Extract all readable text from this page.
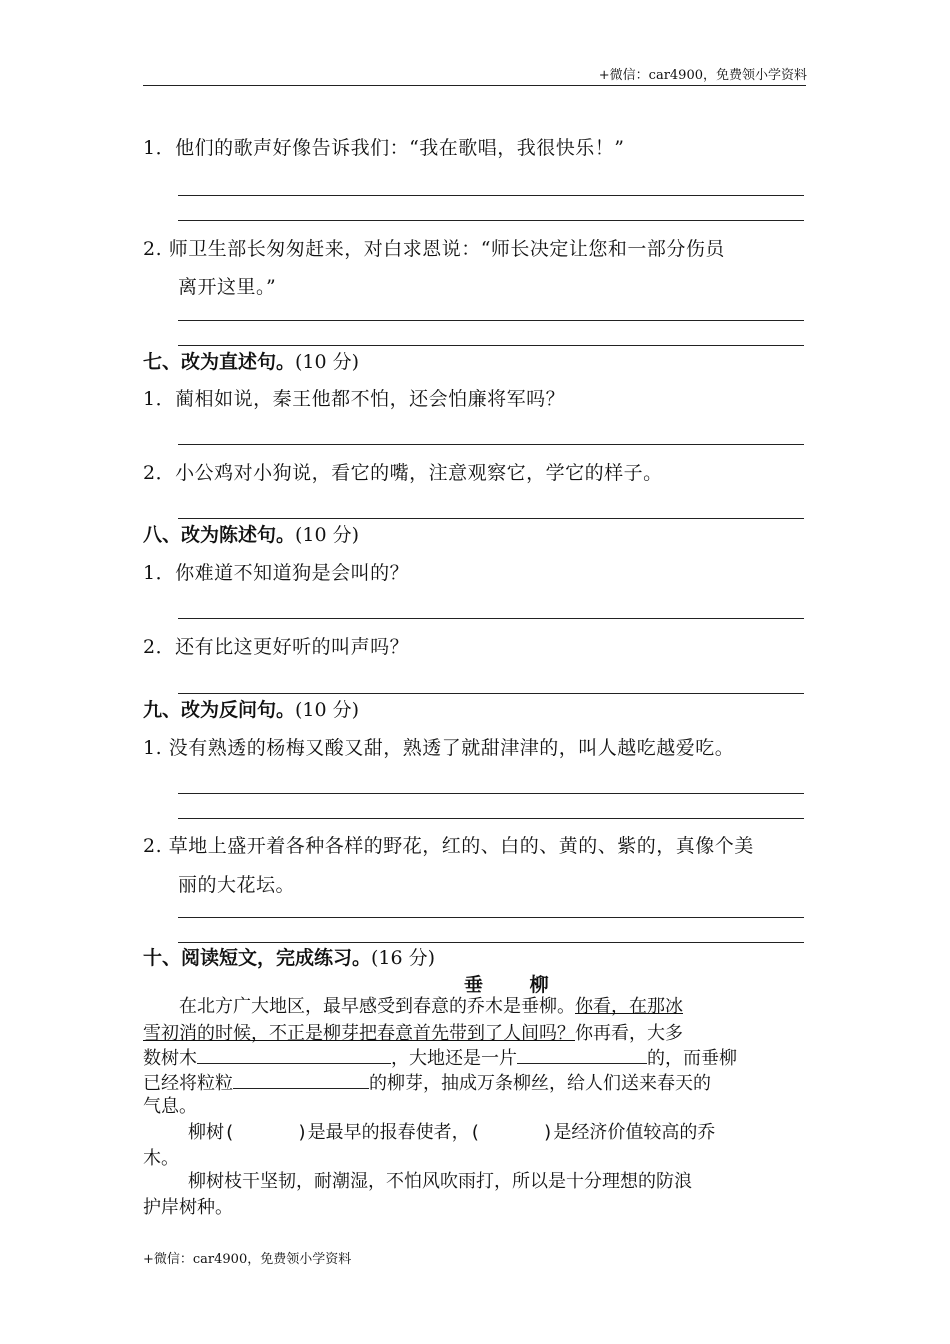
+微信：car4900，免费领小学资料
1．他们的歌声好像告诉我们：“我在歌唱，我很快乐！”
2. 师卫生部长匆匆赶来，对白求恩说：“师长决定让您和一部分伤员
离开这里。”
七、改为直述句。(10 分)
1．蔺相如说，秦王他都不怕，还会怕廉将军吗？
2．小公鸡对小狗说，看它的嘴，注意观察它，学它的样子。
八、改为陈述句。(10 分)
1．你难道不知道狗是会叫的？
2．还有比这更好听的叫声吗？
九、改为反问句。(10 分)
1. 没有熟透的杨梅又酸又甜，熟透了就甜津津的，叫人越吃越爱吃。
2. 草地上盛开着各种各样的野花，红的、白的、黄的、紫的，真像个美
丽的大花坛。
十、阅读短文，完成练习。(16 分)
垂 柳
在北方广大地区，最早感受到春意的乔木是垂柳。你看，在那冰
雪初消的时候，不正是柳芽把春意首先带到了人间吗？你再看，大多
数树木	，大地还是一片	的，而垂柳
已经将粒粒	的柳芽，抽成万条柳丝，给人们送来春天的
气息。
柳树(	)是最早的报春使者，(	)是经济价值较高的乔
木。
柳树枝干坚韧，耐潮湿，不怕风吹雨打，所以是十分理想的防浪
护岸树种。
+微信：car4900，免费领小学资料
